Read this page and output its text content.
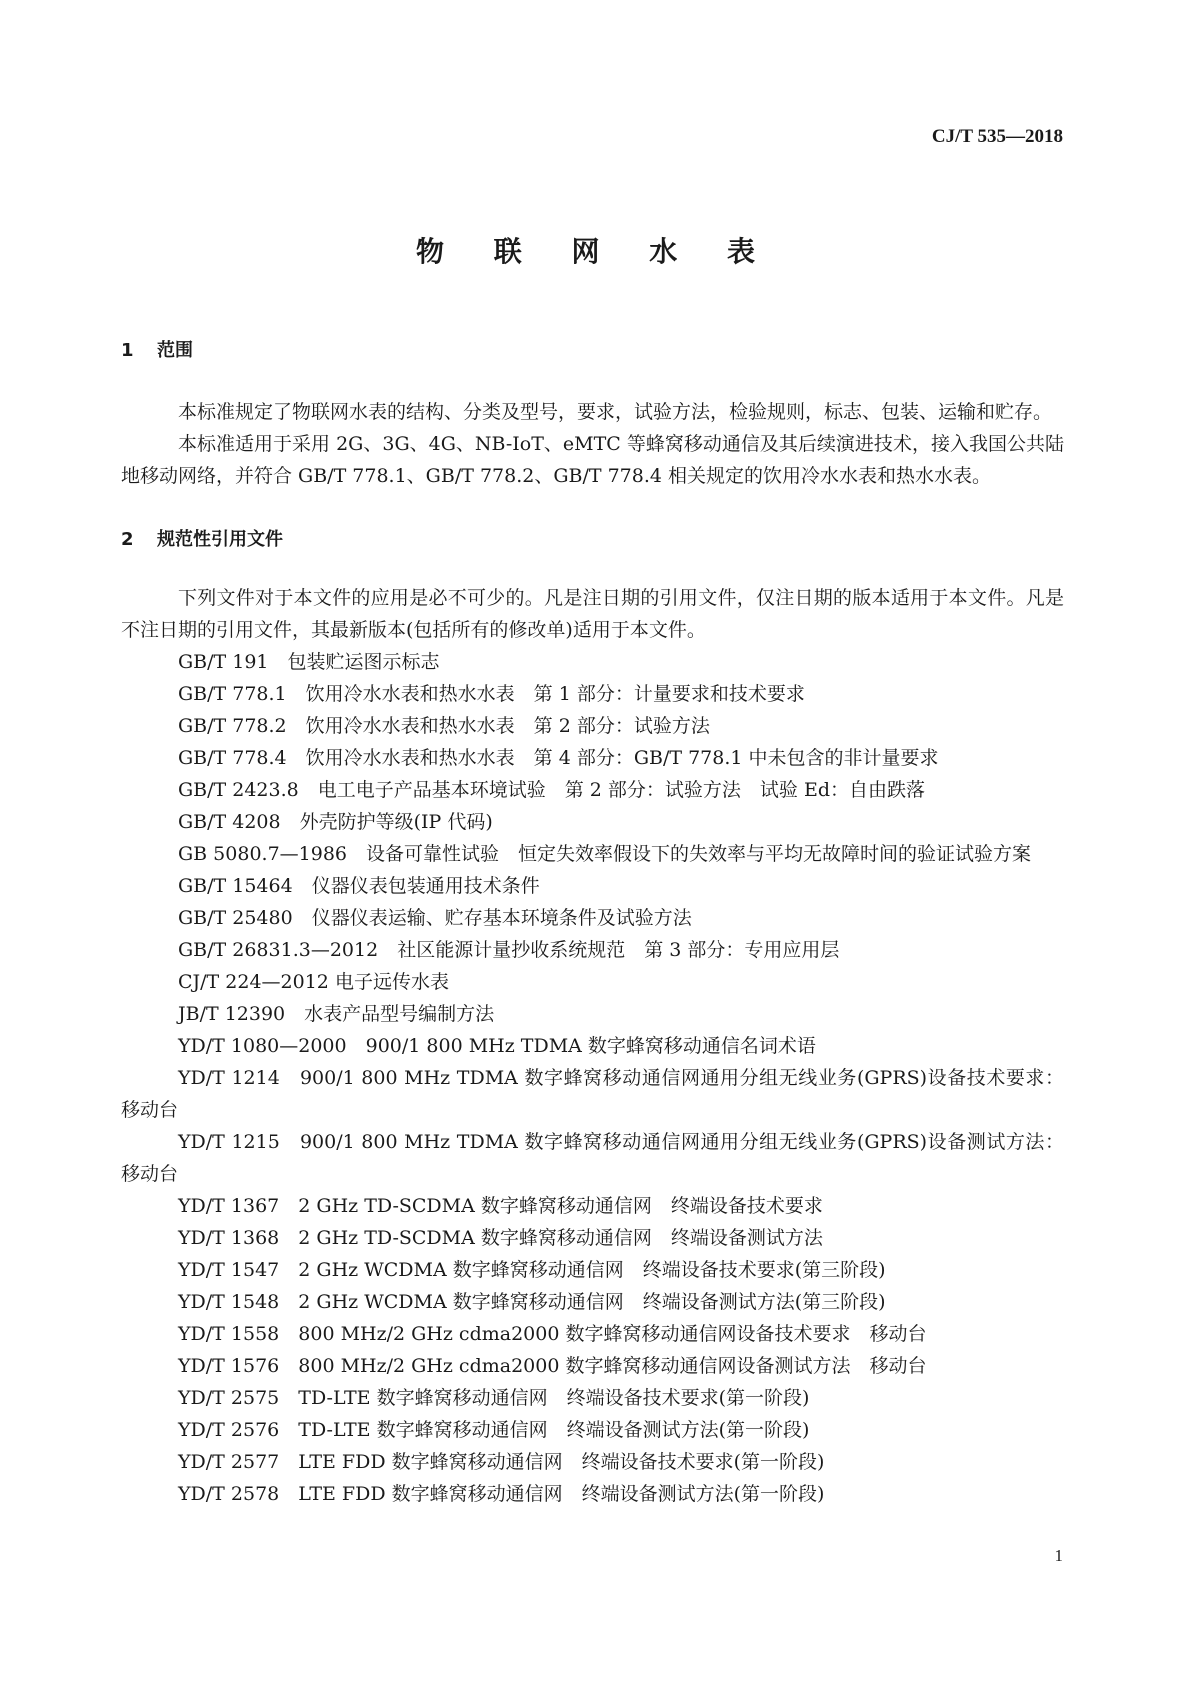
CJ/T 535—2018
物 联 网 水 表
1 范围

本标准规定了物联网水表的结构、分类及型号，要求，试验方法，检验规则，标志、包装、运输和贮存。

本标准适用于采用 2G、3G、4G、NB-IoT、eMTC 等蜂窝移动通信及其后续演进技术，接入我国公共陆地移动网络，并符合 GB/T 778.1、GB/T 778.2、GB/T 778.4 相关规定的饮用冷水水表和热水水表。

2 规范性引用文件

下列文件对于本文件的应用是必不可少的。凡是注日期的引用文件，仅注日期的版本适用于本文件。凡是不注日期的引用文件，其最新版本(包括所有的修改单)适用于本文件。

GB/T 191　 包装贮运图示标志

GB/T 778.1　 饮用冷水水表和热水水表　第 1 部分：计量要求和技术要求

GB/T 778.2　 饮用冷水水表和热水水表　第 2 部分：试验方法

GB/T 778.4　 饮用冷水水表和热水水表　第 4 部分：GB/T 778.1 中未包含的非计量要求

GB/T 2423.8　 电工电子产品基本环境试验　第 2 部分：试验方法　试验 Ed：自由跌落

GB/T 4208　 外壳防护等级(IP 代码)

GB 5080.7—1986　 设备可靠性试验　恒定失效率假设下的失效率与平均无故障时间的验证试验方案

GB/T 15464　 仪器仪表包装通用技术条件

GB/T 25480　 仪器仪表运输、贮存基本环境条件及试验方法

GB/T 26831.3—2012　 社区能源计量抄收系统规范　第 3 部分：专用应用层

CJ/T 224—2012 电子远传水表

JB/T 12390　 水表产品型号编制方法

YD/T 1080—2000　 900/1 800 MHz TDMA 数字蜂窝移动通信名词术语

YD/T 1214　 900/1 800 MHz TDMA 数字蜂窝移动通信网通用分组无线业务(GPRS)设备技术要求：移动台

YD/T 1215　 900/1 800 MHz TDMA 数字蜂窝移动通信网通用分组无线业务(GPRS)设备测试方法：移动台

YD/T 1367　 2 GHz TD-SCDMA 数字蜂窝移动通信网　终端设备技术要求

YD/T 1368　 2 GHz TD-SCDMA 数字蜂窝移动通信网　终端设备测试方法

YD/T 1547　 2 GHz WCDMA 数字蜂窝移动通信网　终端设备技术要求(第三阶段)

YD/T 1548　 2 GHz WCDMA 数字蜂窝移动通信网　终端设备测试方法(第三阶段)

YD/T 1558　 800 MHz/2 GHz cdma2000 数字蜂窝移动通信网设备技术要求　移动台

YD/T 1576　 800 MHz/2 GHz cdma2000 数字蜂窝移动通信网设备测试方法　移动台

YD/T 2575　 TD-LTE 数字蜂窝移动通信网　终端设备技术要求(第一阶段)

YD/T 2576　 TD-LTE 数字蜂窝移动通信网　终端设备测试方法(第一阶段)

YD/T 2577　 LTE FDD 数字蜂窝移动通信网　终端设备技术要求(第一阶段)

YD/T 2578　 LTE FDD 数字蜂窝移动通信网　终端设备测试方法(第一阶段)

1
